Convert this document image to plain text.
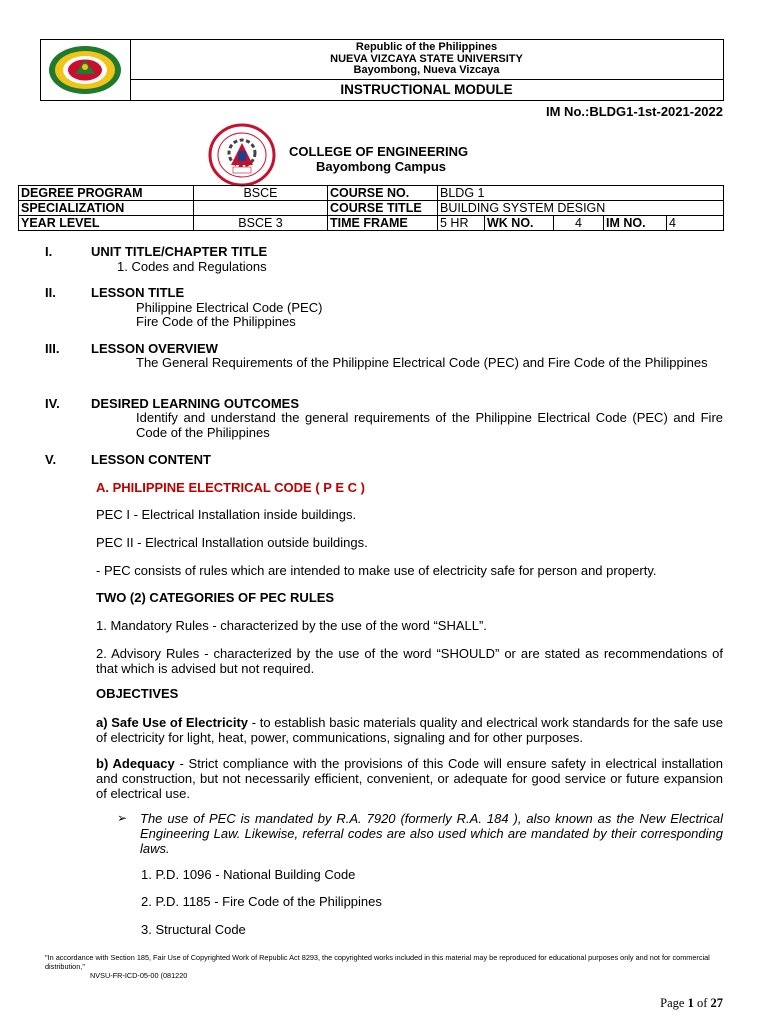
Republic of the Philippines
NUEVA VIZCAYA STATE UNIVERSITY
Bayombong, Nueva Vizcaya
INSTRUCTIONAL MODULE
IM No.:BLDG1-1st-2021-2022
COLLEGE OF ENGINEERING
Bayombong Campus
DEGREE PROGRAM	BSCE	COURSE NO.	BLDG 1				
SPECIALIZATION		COURSE TITLE	BUILDING SYSTEM DESIGN				
YEAR LEVEL	BSCE 3	TIME FRAME	5 HR	WK NO.	4	IM NO.	4
I.	UNIT TITLE/CHAPTER TITLE
1. Codes and Regulations
II.	LESSON TITLE
Philippine Electrical Code (PEC)
Fire Code of the Philippines
III. LESSON OVERVIEW
The General Requirements of the Philippine Electrical Code (PEC) and Fire Code of the Philippines
IV. DESIRED LEARNING OUTCOMES
Identify and understand the general requirements of the Philippine Electrical Code (PEC) and Fire Code of the Philippines
V.	LESSON CONTENT
A. PHILIPPINE ELECTRICAL CODE ( P E C )
PEC I - Electrical Installation inside buildings.
PEC II - Electrical Installation outside buildings.
- PEC consists of rules which are intended to make use of electricity safe for person and property.
TWO (2) CATEGORIES OF PEC RULES
1. Mandatory Rules - characterized by the use of the word “SHALL”.
2. Advisory Rules - characterized by the use of the word “SHOULD” or are stated as recommendations of that which is advised but not required.
OBJECTIVES
a) Safe Use of Electricity - to establish basic materials quality and electrical work standards for the safe use of electricity for light, heat, power, communications, signaling and for other purposes.
b) Adequacy - Strict compliance with the provisions of this Code will ensure safety in electrical installation and construction, but not necessarily efficient, convenient, or adequate for good service or future expansion of electrical use.
➢ The use of PEC is mandated by R.A. 7920 (formerly R.A. 184 ), also known as the New Electrical Engineering Law. Likewise, referral codes are also used which are mandated by their corresponding laws.
1. P.D. 1096 - National Building Code
2. P.D. 1185 - Fire Code of the Philippines
3. Structural Code
"In accordance with Section 185, Fair Use of Copyrighted Work of Republic Act 8293, the copyrighted works included in this material may be reproduced for educational purposes only and not for commercial distribution,"
NVSU-FR-ICD-05-00 (081220
Page 1 of 27
